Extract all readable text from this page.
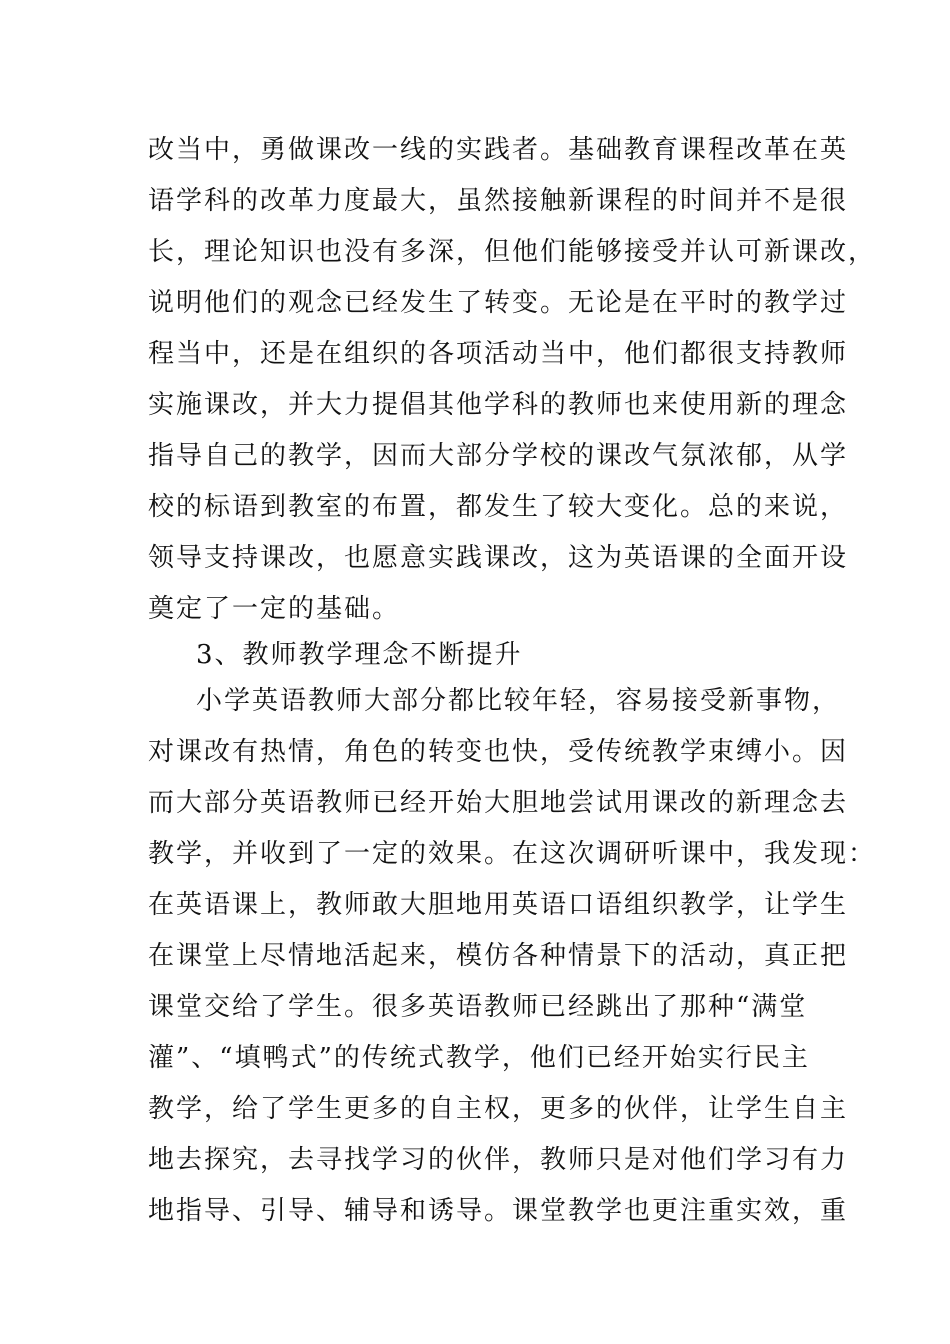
改当中，勇做课改一线的实践者。基础教育课程改革在英
语学科的改革力度最大，虽然接触新课程的时间并不是很
长，理论知识也没有多深，但他们能够接受并认可新课改，
说明他们的观念已经发生了转变。无论是在平时的教学过
程当中，还是在组织的各项活动当中，他们都很支持教师
实施课改，并大力提倡其他学科的教师也来使用新的理念
指导自己的教学，因而大部分学校的课改气氛浓郁，从学
校的标语到教室的布置，都发生了较大变化。总的来说，
领导支持课改，也愿意实践课改，这为英语课的全面开设
奠定了一定的基础。
3、教师教学理念不断提升
小学英语教师大部分都比较年轻，容易接受新事物，
对课改有热情，角色的转变也快，受传统教学束缚小。因
而大部分英语教师已经开始大胆地尝试用课改的新理念去
教学，并收到了一定的效果。在这次调研听课中，我发现：
在英语课上，教师敢大胆地用英语口语组织教学，让学生
在课堂上尽情地活起来，模仿各种情景下的活动，真正把
课堂交给了学生。很多英语教师已经跳出了那种“满堂
灌”、“填鸭式”的传统式教学，他们已经开始实行民主
教学，给了学生更多的自主权，更多的伙伴，让学生自主
地去探究，去寻找学习的伙伴，教师只是对他们学习有力
地指导、引导、辅导和诱导。课堂教学也更注重实效，重
